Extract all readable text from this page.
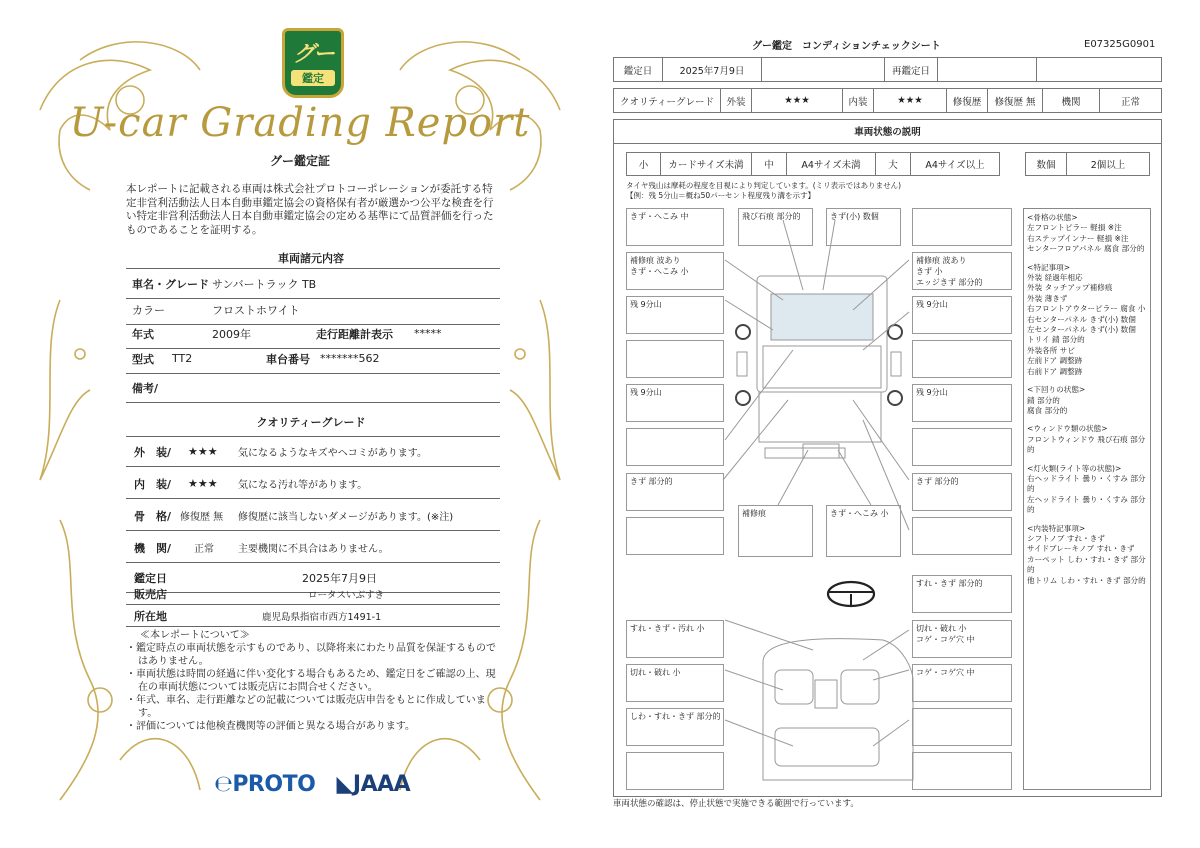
グー
鑑定
U-car Grading Report
グー鑑定証
本レポートに記載される車両は株式会社プロトコーポレーションが委託する特定非営利活動法人日本自動車鑑定協会の資格保有者が厳選かつ公平な検査を行い特定非営利活動法人日本自動車鑑定協会の定める基準にて品質評価を行ったものであることを証明する。
車両諸元内容
車名・グレード サンバートラック TB
カラー	フロストホワイト
年式	2009年	走行距離計表示 *****
型式 TT2	車台番号 *******562
備考/
クオリティーグレード
外　装/ ★★★ 気になるようなキズやヘコミがあります。
内　装/ ★★★ 気になる汚れ等があります。
骨　格/ 修復歴 無 修復歴に該当しないダメージがあります。(※注)
機　関/ 正常 主要機関に不具合はありません。
鑑定日	2025年7月9日
販売店	ロータスいぶすき
所在地	鹿児島県指宿市西方1491-1
≪本レポートについて≫
・鑑定時点の車両状態を示すものであり、以降将来にわたり品質を保証するものではありません。
・車両状態は時間の経過に伴い変化する場合もあるため、鑑定日をご確認の上、現在の車両状態については販売店にお問合せください。
・年式、車名、走行距離などの記載については販売店申告をもとに作成しています。
・評価については他検査機関等の評価と異なる場合があります。
℮PROTO ◣JAAA
グー鑑定　コンディションチェックシート	E07325G0901
鑑定日	2025年7月9日	再鑑定日
クオリティーグレード	外装	★★★	内装	★★★	修復歴	修復歴 無	機関	正常
車両状態の説明
小	カードサイズ未満	中	A4サイズ未満	大	A4サイズ以上	数個	2個以上
タイヤ残山は摩耗の程度を目視により判定しています。(ミリ表示ではありません)
【例：残 5分山＝概ね50パーセント程度残り溝を示す】
きず・へこみ 中	飛び石痕 部分的	きず(小) 数個
補修痕 波あり
きず・へこみ 小
補修痕 波あり
きず 小
エッジきず 部分的
残 9分山	残 9分山
残 9分山	残 9分山
きず 部分的	きず 部分的
補修痕	きず・へこみ 小
すれ・きず 部分的
すれ・きず・汚れ 小	切れ・破れ 小
コゲ・コゲ穴 中
切れ・破れ 小	コゲ・コゲ穴 中
しわ・すれ・きず 部分的
<骨格の状態>
左フロントピラー 軽損 ※注
右ステップインナー 軽損 ※注
センターフロアパネル 腐食 部分的
<特記事項>
外装 経過年相応
外装 タッチアップ補修痕
外装 薄きず
右フロントアウターピラー 腐食 小
右センターパネル きず(小) 数個
左センターパネル きず(小) 数個
トリイ 錆 部分的
外装各所 サビ
左前ドア 調整跡
右前ドア 調整跡
<下回りの状態>
錆 部分的
腐食 部分的
<ウィンドウ類の状態>
フロントウィンドウ 飛び石痕 部分的
<灯火類(ライト等の状態)>
右ヘッドライト 曇り・くすみ 部分的
左ヘッドライト 曇り・くすみ 部分的
<内装特記事項>
シフトノブ すれ・きず
サイドブレーキノブ すれ・きず
カーペット しわ・すれ・きず 部分的
他トリム しわ・すれ・きず 部分的
車両状態の確認は、停止状態で実施できる範囲で行っています。
